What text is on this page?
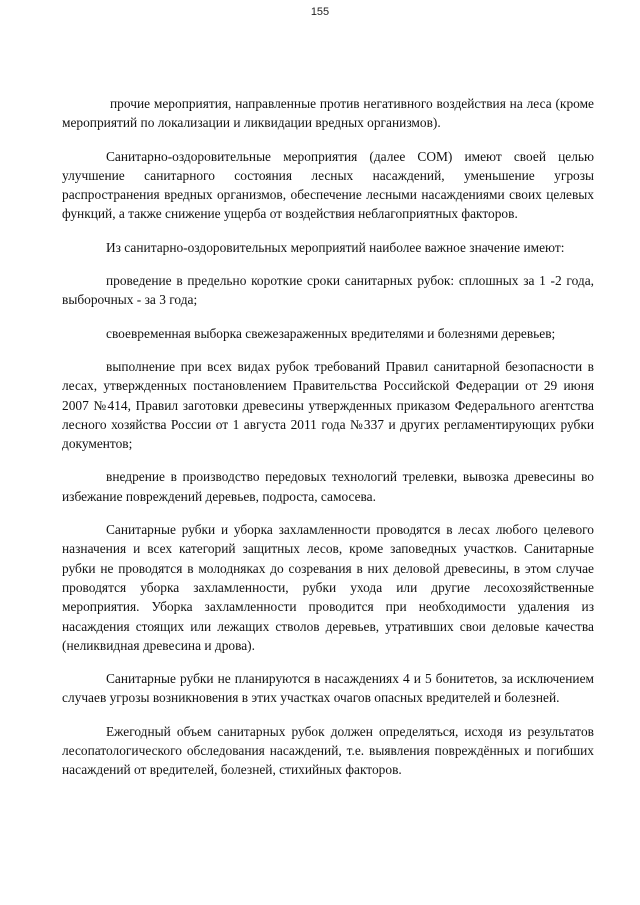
155

прочие мероприятия, направленные против негативного воздействия на леса (кроме мероприятий по локализации и ликвидации вредных организмов).

Санитарно-оздоровительные мероприятия (далее СОМ) имеют своей целью улучшение санитарного состояния лесных насаждений, уменьшение угрозы распространения вредных организмов, обеспечение лесными насаждениями своих целевых функций, а также снижение ущерба от воздействия неблагоприятных факторов.

Из санитарно-оздоровительных мероприятий наиболее важное значение имеют:

проведение в предельно короткие сроки санитарных рубок: сплошных за 1 -2 года, выборочных - за 3 года;

своевременная выборка свежезараженных вредителями и болезнями деревьев;

выполнение при всех видах рубок требований Правил санитарной безопасности в лесах, утвержденных постановлением Правительства Российской Федерации от 29 июня 2007 №414, Правил заготовки древесины утвержденных приказом Федерального агентства лесного хозяйства России от 1 августа 2011 года №337 и других регламентирующих рубки документов;

внедрение в производство передовых технологий трелевки, вывозка древесины во избежание повреждений деревьев, подроста, самосева.

Санитарные рубки и уборка захламленности проводятся в лесах любого целевого назначения и всех категорий защитных лесов, кроме заповедных участков. Санитарные рубки не проводятся в молодняках до созревания в них деловой древесины, в этом случае проводятся уборка захламленности, рубки ухода или другие лесохозяйственные мероприятия. Уборка захламленности проводится при необходимости удаления из насаждения стоящих или лежащих стволов деревьев, утративших свои деловые качества (неликвидная древесина и дрова).

Санитарные рубки не планируются в насаждениях 4 и 5 бонитетов, за исключением случаев угрозы возникновения в этих участках очагов опасных вредителей и болезней.

Ежегодный объем санитарных рубок должен определяться, исходя из результатов лесопатологического обследования насаждений, т.е. выявления повреждённых и погибших насаждений от вредителей, болезней, стихийных факторов.
